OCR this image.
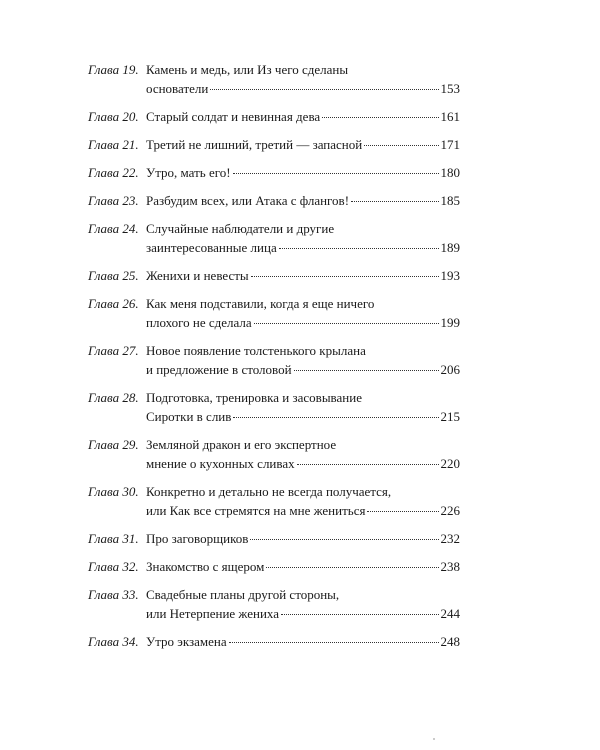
Глава 19. Камень и медь, или Из чего сделаны
основатели	153
Глава 20. Старый солдат и невинная дева	161
Глава 21. Третий не лишний, третий — запасной	171
Глава 22. Утро, мать его!	180
Глава 23. Разбудим всех, или Атака с флангов!	185
Глава 24. Случайные наблюдатели и другие
заинтересованные лица	189
Глава 25. Женихи и невесты	193
Глава 26. Как меня подставили, когда я еще ничего
плохого не сделала	199
Глава 27. Новое появление толстенького крылана
и предложение в столовой	206
Глава 28. Подготовка, тренировка и засовывание
Сиротки в слив	215
Глава 29. Земляной дракон и его экспертное
мнение о кухонных сливах	220
Глава 30. Конкретно и детально не всегда получается,
или Как все стремятся на мне жениться	226
Глава 31. Про заговорщиков	232
Глава 32. Знакомство с ящером	238
Глава 33. Свадебные планы другой стороны,
или Нетерпение жениха	244
Глава 34. Утро экзамена	248
